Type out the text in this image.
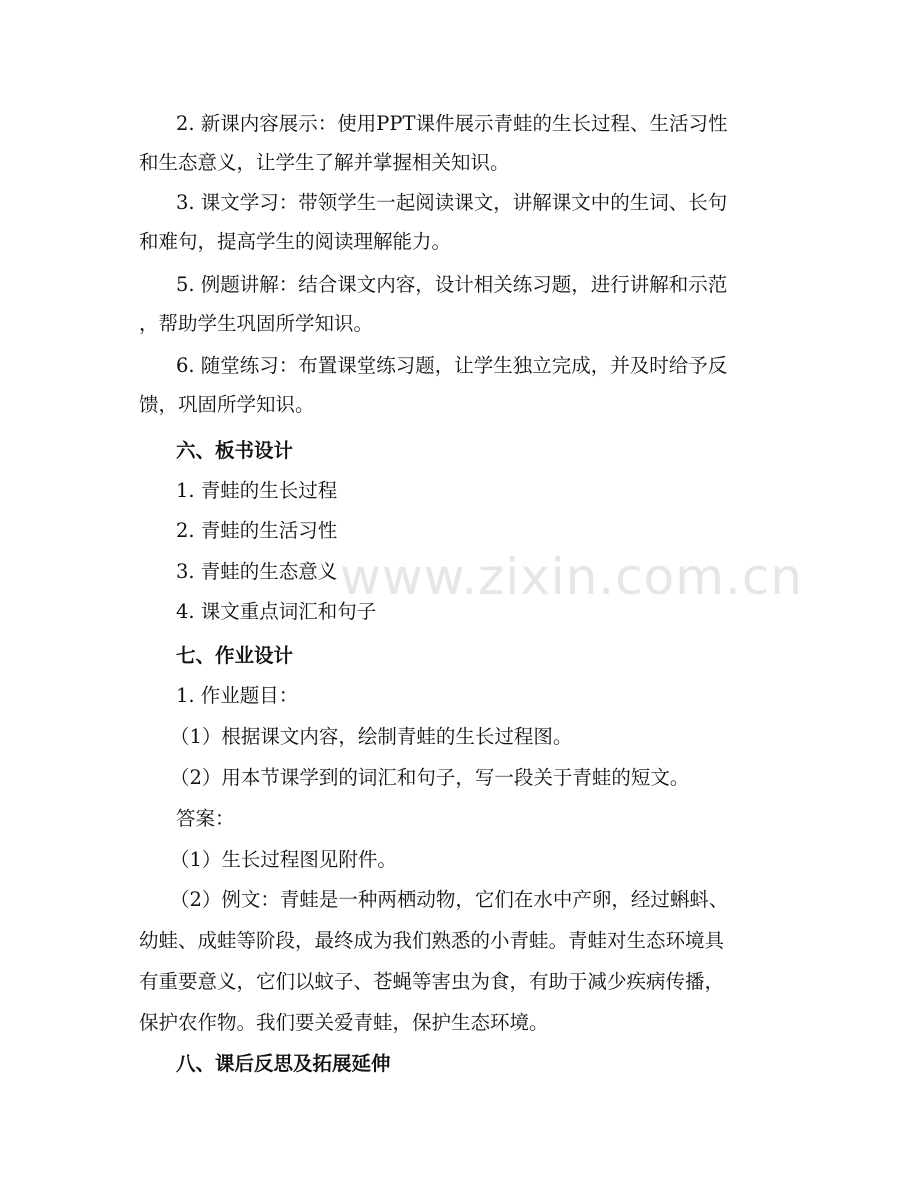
www.zixin.com.cn
2. 新课内容展示：使用PPT课件展示青蛙的生长过程、生活习性
和生态意义，让学生了解并掌握相关知识。
3. 课文学习：带领学生一起阅读课文，讲解课文中的生词、长句
和难句，提高学生的阅读理解能力。
5. 例题讲解：结合课文内容，设计相关练习题，进行讲解和示范
，帮助学生巩固所学知识。
6. 随堂练习：布置课堂练习题，让学生独立完成，并及时给予反
馈，巩固所学知识。
六、板书设计
1. 青蛙的生长过程
2. 青蛙的生活习性
3. 青蛙的生态意义
4. 课文重点词汇和句子
七、作业设计
1. 作业题目：
（1）根据课文内容，绘制青蛙的生长过程图。
（2）用本节课学到的词汇和句子，写一段关于青蛙的短文。
答案：
（1）生长过程图见附件。
（2）例文：青蛙是一种两栖动物，它们在水中产卵，经过蝌蚪、
幼蛙、成蛙等阶段，最终成为我们熟悉的小青蛙。青蛙对生态环境具
有重要意义，它们以蚊子、苍蝇等害虫为食，有助于减少疾病传播，
保护农作物。我们要关爱青蛙，保护生态环境。
八、课后反思及拓展延伸
